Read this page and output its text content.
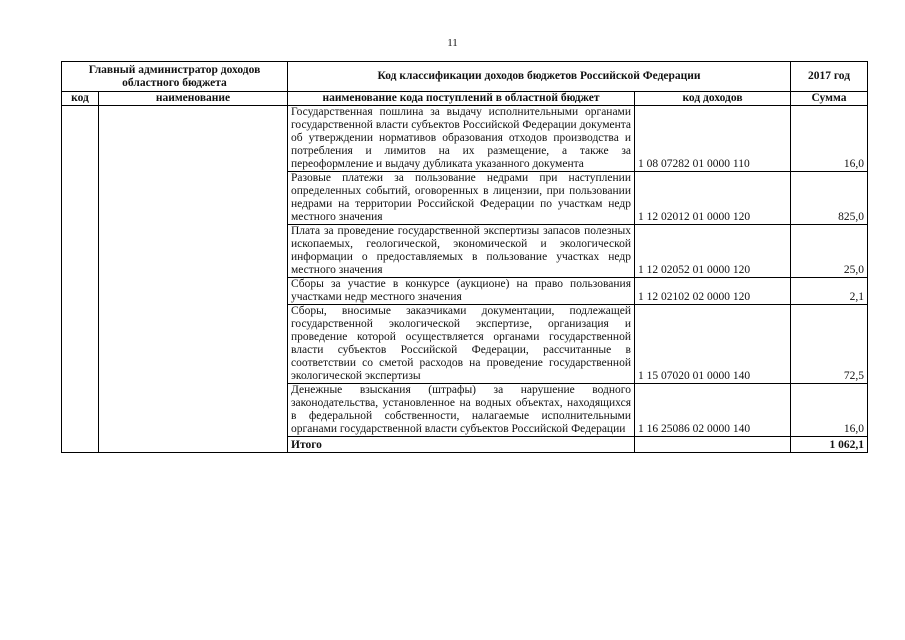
11
Главный администратор доходов областного бюджета		Код классификации доходов бюджетов Российской Федерации		2017 год
код	наименование	наименование кода поступлений в областной бюджет	код доходов	Сумма
		Государственная пошлина за выдачу исполнительными органами государственной власти субъектов Российской Федерации документа об утверждении нормативов образования отходов производства и потребления и лимитов на их размещение, а также за переоформление и выдачу дубликата указанного документа	1 08 07282 01 0000 110	16,0
		Разовые платежи за пользование недрами при наступлении определенных событий, оговоренных в лицензии, при пользовании недрами на территории Российской Федерации по участкам недр местного значения	1 12 02012 01 0000 120	825,0
		Плата за проведение государственной экспертизы запасов полезных ископаемых, геологической, экономической и экологической информации о предоставляемых в пользование участках недр местного значения	1 12 02052 01 0000 120	25,0
		Сборы за участие в конкурсе (аукционе) на право пользования участками недр местного значения	1 12 02102 02 0000 120	2,1
		Сборы, вносимые заказчиками документации, подлежащей государственной экологической экспертизе, организация и проведение которой осуществляется органами государственной власти субъектов Российской Федерации, рассчитанные в соответствии со сметой расходов на проведение государственной экологической экспертизы	1 15 07020 01 0000 140	72,5
		Денежные взыскания (штрафы) за нарушение водного законодательства, установленное на водных объектах, находящихся в федеральной собственности, налагаемые исполнительными органами государственной власти субъектов Российской Федерации	1 16 25086 02 0000 140	16,0
		Итого		1 062,1
